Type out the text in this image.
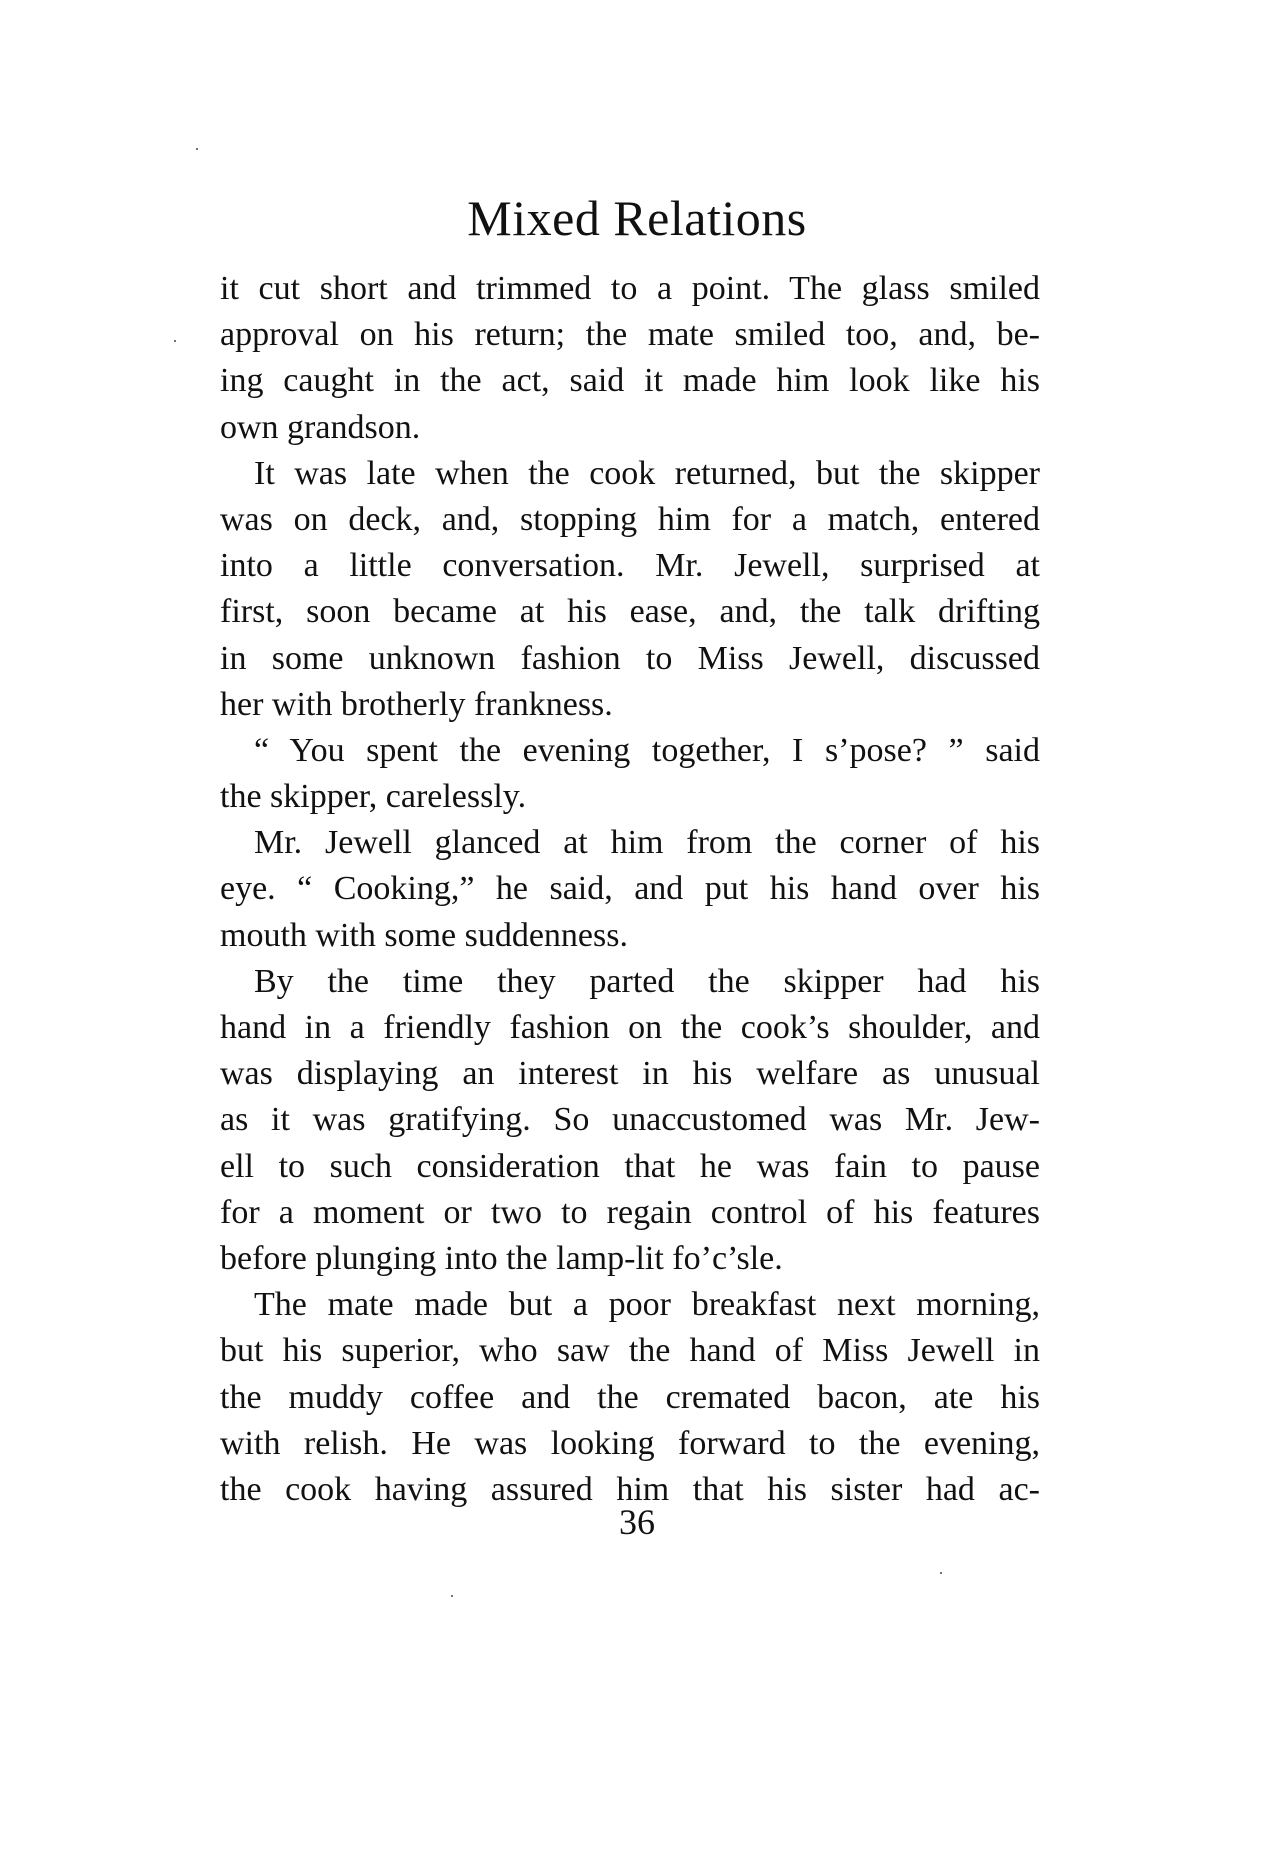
Mixed Relations
it cut short and trimmed to a point. The glass smiled
approval on his return; the mate smiled too, and, be-
ing caught in the act, said it made him look like his
own grandson.
It was late when the cook returned, but the skipper
was on deck, and, stopping him for a match, entered
into a little conversation. Mr. Jewell, surprised at
first, soon became at his ease, and, the talk drifting
in some unknown fashion to Miss Jewell, discussed
her with brotherly frankness.
“ You spent the evening together, I s’pose? ” said
the skipper, carelessly.
Mr. Jewell glanced at him from the corner of his
eye. “ Cooking,” he said, and put his hand over his
mouth with some suddenness.
By the time they parted the skipper had his
hand in a friendly fashion on the cook’s shoulder, and
was displaying an interest in his welfare as unusual
as it was gratifying. So unaccustomed was Mr. Jew-
ell to such consideration that he was fain to pause
for a moment or two to regain control of his features
before plunging into the lamp-lit fo’c’sle.
The mate made but a poor breakfast next morning,
but his superior, who saw the hand of Miss Jewell in
the muddy coffee and the cremated bacon, ate his
with relish. He was looking forward to the evening,
the cook having assured him that his sister had ac-
36
